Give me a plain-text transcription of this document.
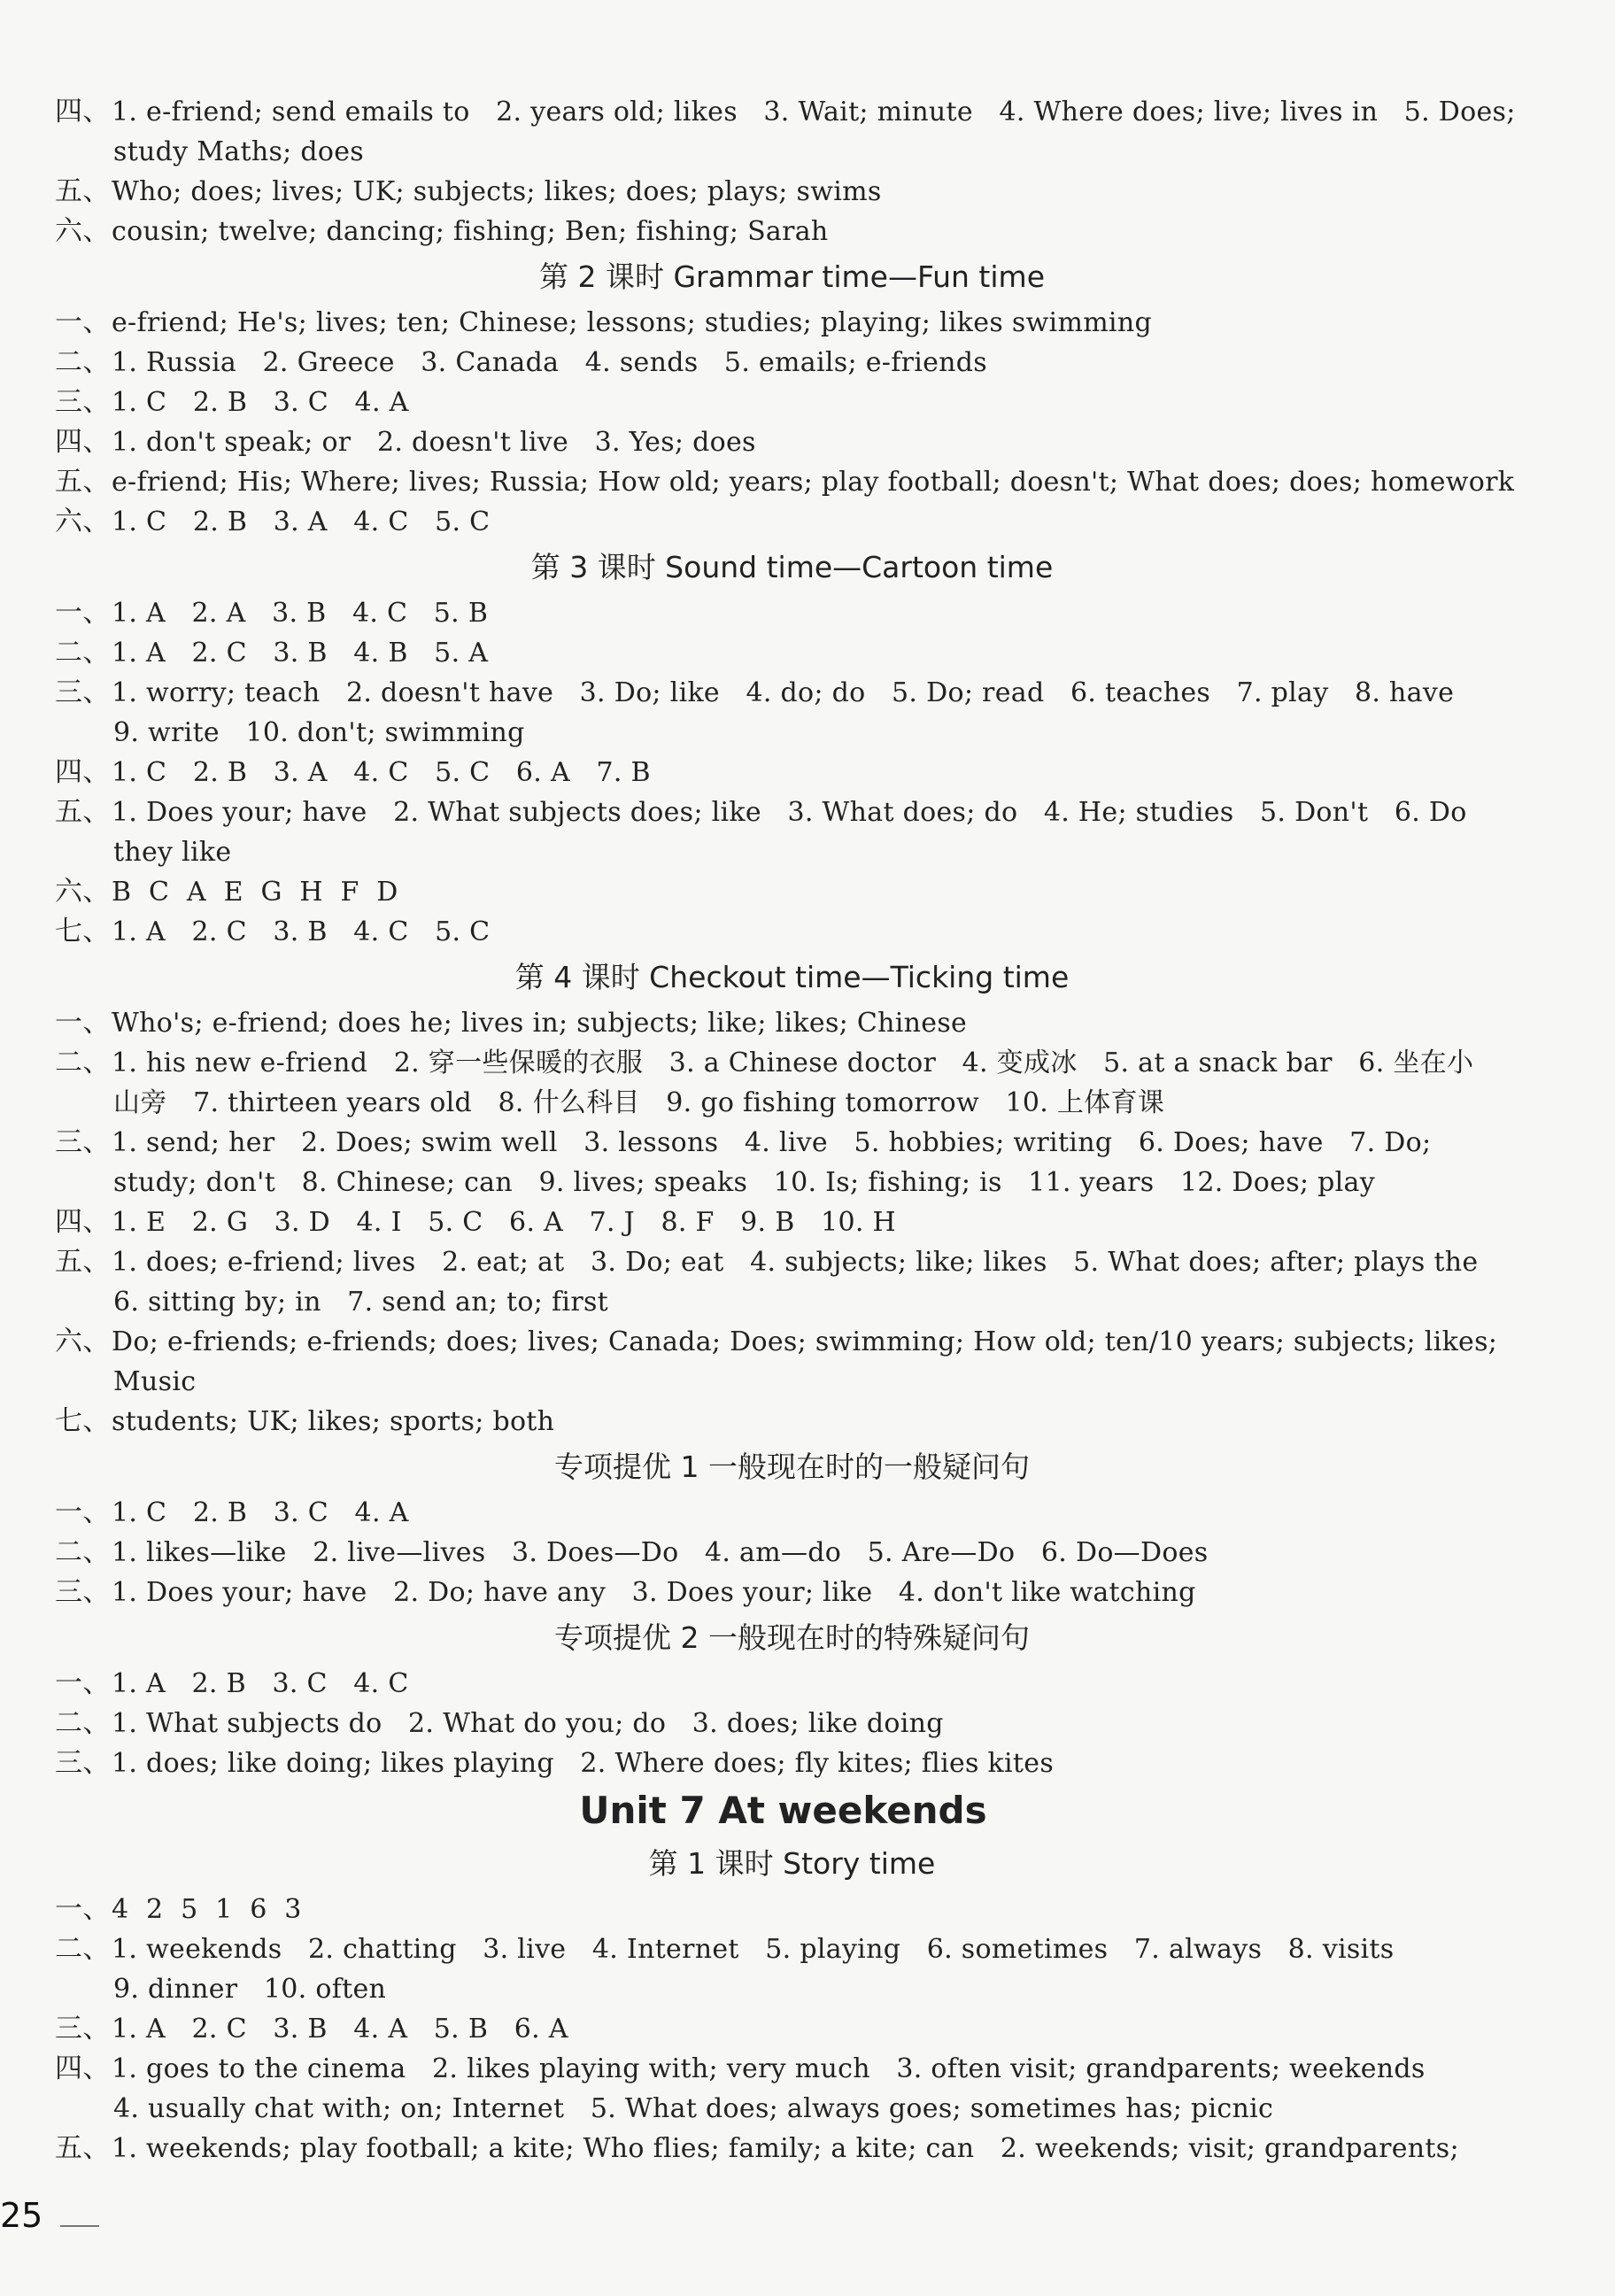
四、 1. e-friend; send emails to   2. years old; likes   3. Wait; minute   4. Where does; live; lives in   5. Does;
study Maths; does
五、 Who; does; lives; UK; subjects; likes; does; plays; swims
六、 cousin; twelve; dancing; fishing; Ben; fishing; Sarah
第 2 课时 Grammar time—Fun time
一、 e-friend; He's; lives; ten; Chinese; lessons; studies; playing; likes swimming
二、 1. Russia   2. Greece   3. Canada   4. sends   5. emails; e-friends
三、 1. C   2. B   3. C   4. A
四、 1. don't speak; or   2. doesn't live   3. Yes; does
五、 e-friend; His; Where; lives; Russia; How old; years; play football; doesn't; What does; does; homework
六、 1. C   2. B   3. A   4. C   5. C
第 3 课时 Sound time—Cartoon time
一、 1. A   2. A   3. B   4. C   5. B
二、 1. A   2. C   3. B   4. B   5. A
三、 1. worry; teach   2. doesn't have   3. Do; like   4. do; do   5. Do; read   6. teaches   7. play   8. have
9. write   10. don't; swimming
四、 1. C   2. B   3. A   4. C   5. C   6. A   7. B
五、 1. Does your; have   2. What subjects does; like   3. What does; do   4. He; studies   5. Don't   6. Do
they like
六、 B  C  A  E  G  H  F  D
七、 1. A   2. C   3. B   4. C   5. C
第 4 课时 Checkout time—Ticking time
一、 Who's; e-friend; does he; lives in; subjects; like; likes; Chinese
二、 1. his new e-friend   2. 穿一些保暖的衣服   3. a Chinese doctor   4. 变成冰   5. at a snack bar   6. 坐在小
山旁   7. thirteen years old   8. 什么科目   9. go fishing tomorrow   10. 上体育课
三、 1. send; her   2. Does; swim well   3. lessons   4. live   5. hobbies; writing   6. Does; have   7. Do;
study; don't   8. Chinese; can   9. lives; speaks   10. Is; fishing; is   11. years   12. Does; play
四、 1. E   2. G   3. D   4. I   5. C   6. A   7. J   8. F   9. B   10. H
五、 1. does; e-friend; lives   2. eat; at   3. Do; eat   4. subjects; like; likes   5. What does; after; plays the
6. sitting by; in   7. send an; to; first
六、 Do; e-friends; e-friends; does; lives; Canada; Does; swimming; How old; ten/10 years; subjects; likes;
Music
七、 students; UK; likes; sports; both
专项提优 1 一般现在时的一般疑问句
一、 1. C   2. B   3. C   4. A
二、 1. likes—like   2. live—lives   3. Does—Do   4. am—do   5. Are—Do   6. Do—Does
三、 1. Does your; have   2. Do; have any   3. Does your; like   4. don't like watching
专项提优 2 一般现在时的特殊疑问句
一、 1. A   2. B   3. C   4. C
二、 1. What subjects do   2. What do you; do   3. does; like doing
三、 1. does; like doing; likes playing   2. Where does; fly kites; flies kites
Unit 7 At weekends
第 1 课时 Story time
一、 4  2  5  1  6  3
二、 1. weekends   2. chatting   3. live   4. Internet   5. playing   6. sometimes   7. always   8. visits
9. dinner   10. often
三、 1. A   2. C   3. B   4. A   5. B   6. A
四、 1. goes to the cinema   2. likes playing with; very much   3. often visit; grandparents; weekends
4. usually chat with; on; Internet   5. What does; always goes; sometimes has; picnic
五、 1. weekends; play football; a kite; Who flies; family; a kite; can   2. weekends; visit; grandparents;
25
